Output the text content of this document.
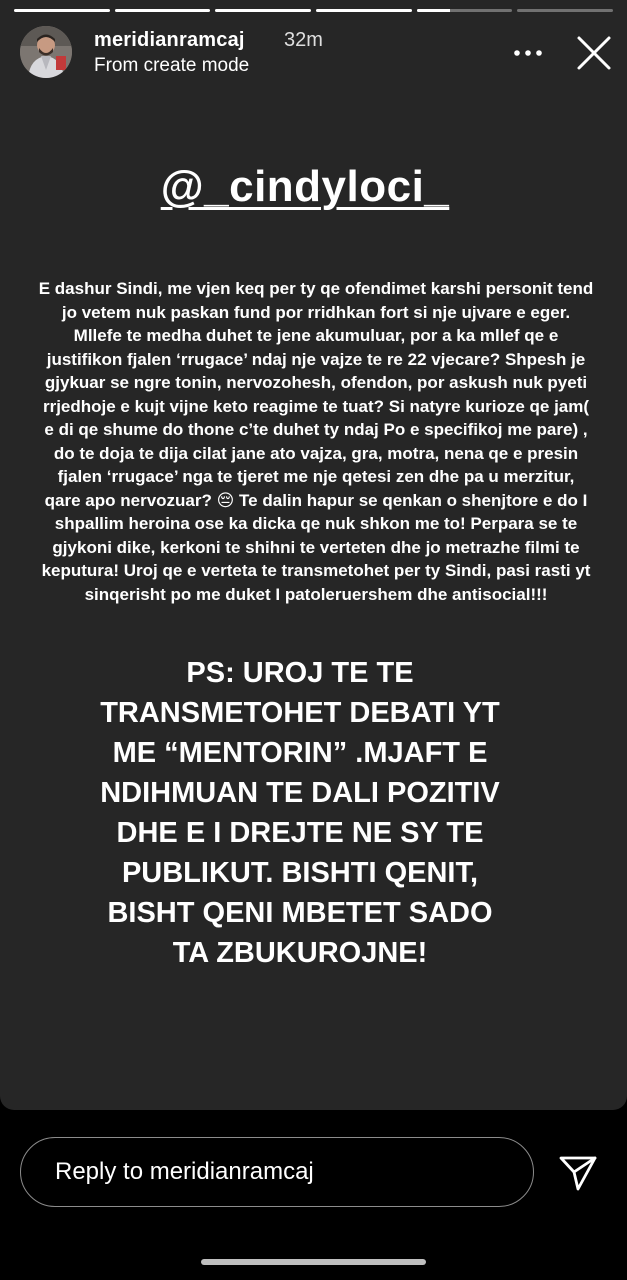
meridianramcaj 32m
From create mode
@_cindyloci_
E dashur Sindi, me vjen keq per ty qe ofendimet karshi personit tend jo vetem nuk paskan fund por rridhkan fort si nje ujvare e eger. Mllefe te medha duhet te jene akumuluar, por a ka mllef qe e justifikon fjalen ‘rrugace’ ndaj nje vajze te re 22 vjecare? Shpesh je gjykuar se ngre tonin, nervozohesh, ofendon, por askush nuk pyeti rrjedhoje e kujt vijne keto reagime te tuat? Si natyre kurioze qe jam( e di qe shume do thone c’te duhet ty ndaj Po e specifikoj me pare) , do te doja te dija cilat jane ato vajza, gra, motra, nena qe e presin fjalen ‘rrugace’ nga te tjeret me nje qetesi zen dhe pa u merzitur, qare apo nervozuar? 😔 Te dalin hapur se qenkan o shenjtore e do I shpallim heroina ose ka dicka qe nuk shkon me to! Perpara se te gjykoni dike, kerkoni te shihni te verteten dhe jo metrazhe filmi te keputura! Uroj qe e verteta te transmetohet per ty Sindi, pasi rasti yt sinqerisht po me duket I patoleruershem dhe antisocial!!!
PS: UROJ TE TE TRANSMETOHET DEBATI YT ME “MENTORIN” .MJAFT E NDIHMUAN TE DALI POZITIV DHE E I DREJTE NE SY TE PUBLIKUT. BISHTI QENIT, BISHT QENI MBETET SADO TA ZBUKUROJNE!
Reply to meridianramcaj
